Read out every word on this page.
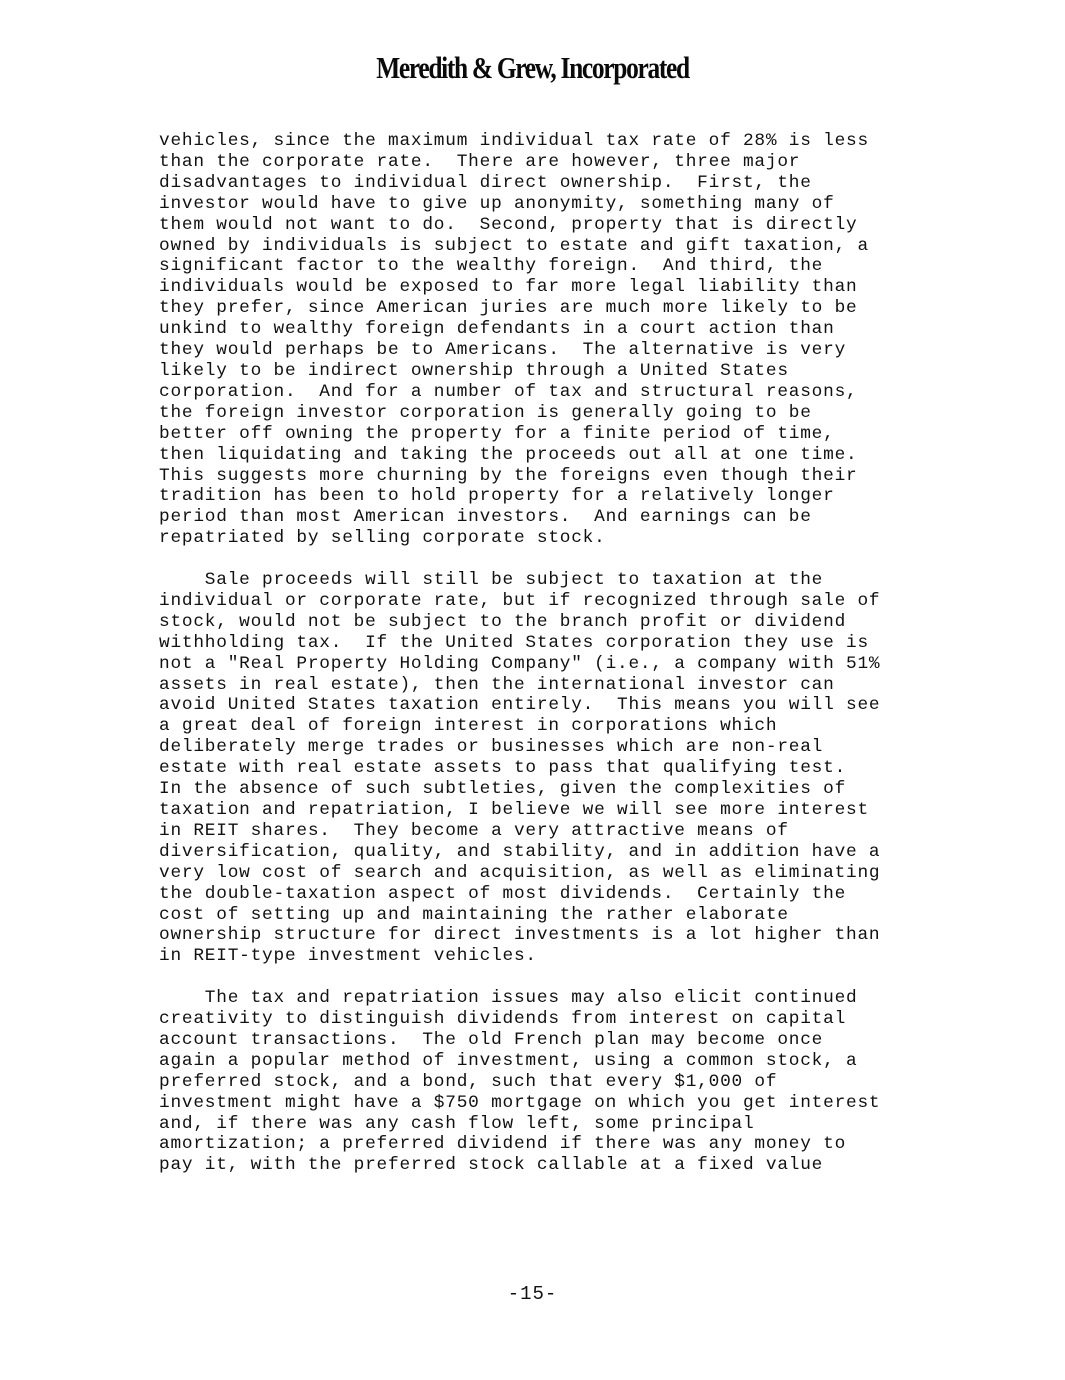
Meredith & Grew, Incorporated

vehicles, since the maximum individual tax rate of 28% is less
than the corporate rate.  There are however, three major
disadvantages to individual direct ownership.  First, the
investor would have to give up anonymity, something many of
them would not want to do.  Second, property that is directly
owned by individuals is subject to estate and gift taxation, a
significant factor to the wealthy foreign.  And third, the
individuals would be exposed to far more legal liability than
they prefer, since American juries are much more likely to be
unkind to wealthy foreign defendants in a court action than
they would perhaps be to Americans.  The alternative is very
likely to be indirect ownership through a United States
corporation.  And for a number of tax and structural reasons,
the foreign investor corporation is generally going to be
better off owning the property for a finite period of time,
then liquidating and taking the proceeds out all at one time.
This suggests more churning by the foreigns even though their
tradition has been to hold property for a relatively longer
period than most American investors.  And earnings can be
repatriated by selling corporate stock.

Sale proceeds will still be subject to taxation at the
individual or corporate rate, but if recognized through sale of
stock, would not be subject to the branch profit or dividend
withholding tax.  If the United States corporation they use is
not a "Real Property Holding Company" (i.e., a company with 51%
assets in real estate), then the international investor can
avoid United States taxation entirely.  This means you will see
a great deal of foreign interest in corporations which
deliberately merge trades or businesses which are non-real
estate with real estate assets to pass that qualifying test.
In the absence of such subtleties, given the complexities of
taxation and repatriation, I believe we will see more interest
in REIT shares.  They become a very attractive means of
diversification, quality, and stability, and in addition have a
very low cost of search and acquisition, as well as eliminating
the double-taxation aspect of most dividends.  Certainly the
cost of setting up and maintaining the rather elaborate
ownership structure for direct investments is a lot higher than
in REIT-type investment vehicles.

The tax and repatriation issues may also elicit continued
creativity to distinguish dividends from interest on capital
account transactions.  The old French plan may become once
again a popular method of investment, using a common stock, a
preferred stock, and a bond, such that every $1,000 of
investment might have a $750 mortgage on which you get interest
and, if there was any cash flow left, some principal
amortization; a preferred dividend if there was any money to
pay it, with the preferred stock callable at a fixed value

-15-
